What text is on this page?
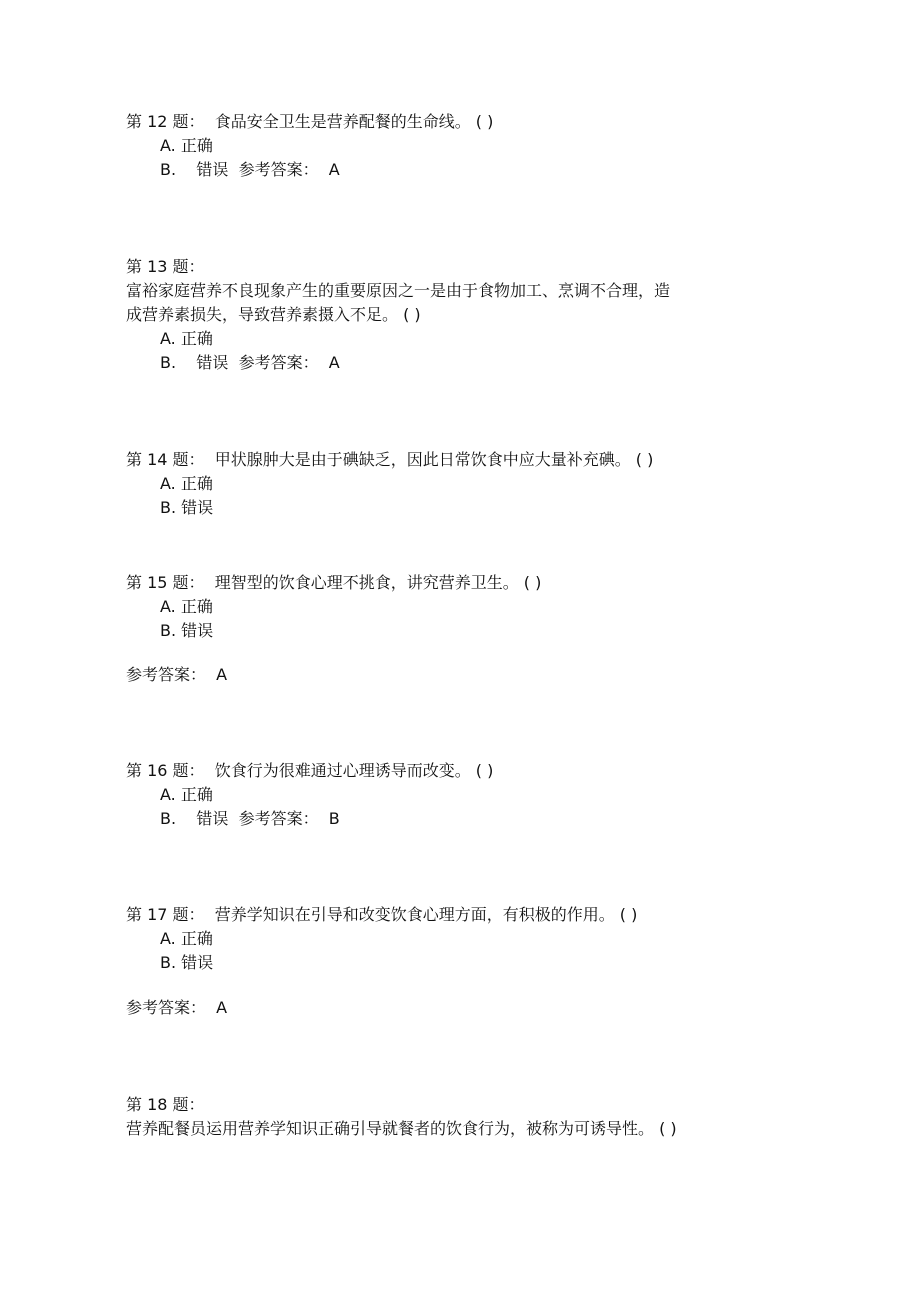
第 12 题：  食品安全卫生是营养配餐的生命线。 ( )
A. 正确
B.    错误  参考答案：  A
第 13 题：
富裕家庭营养不良现象产生的重要原因之一是由于食物加工、烹调不合理，造
成营养素损失，导致营养素摄入不足。 ( )
A. 正确
B.    错误  参考答案：  A
第 14 题：  甲状腺肿大是由于碘缺乏，因此日常饮食中应大量补充碘。 ( )
A. 正确
B. 错误
第 15 题：  理智型的饮食心理不挑食，讲究营养卫生。 ( )
A. 正确
B. 错误
参考答案：  A
第 16 题：  饮食行为很难通过心理诱导而改变。 ( )
A. 正确
B.    错误  参考答案：  B
第 17 题：  营养学知识在引导和改变饮食心理方面，有积极的作用。 ( )
A. 正确
B. 错误
参考答案：  A
第 18 题：
营养配餐员运用营养学知识正确引导就餐者的饮食行为，被称为可诱导性。 ( )
